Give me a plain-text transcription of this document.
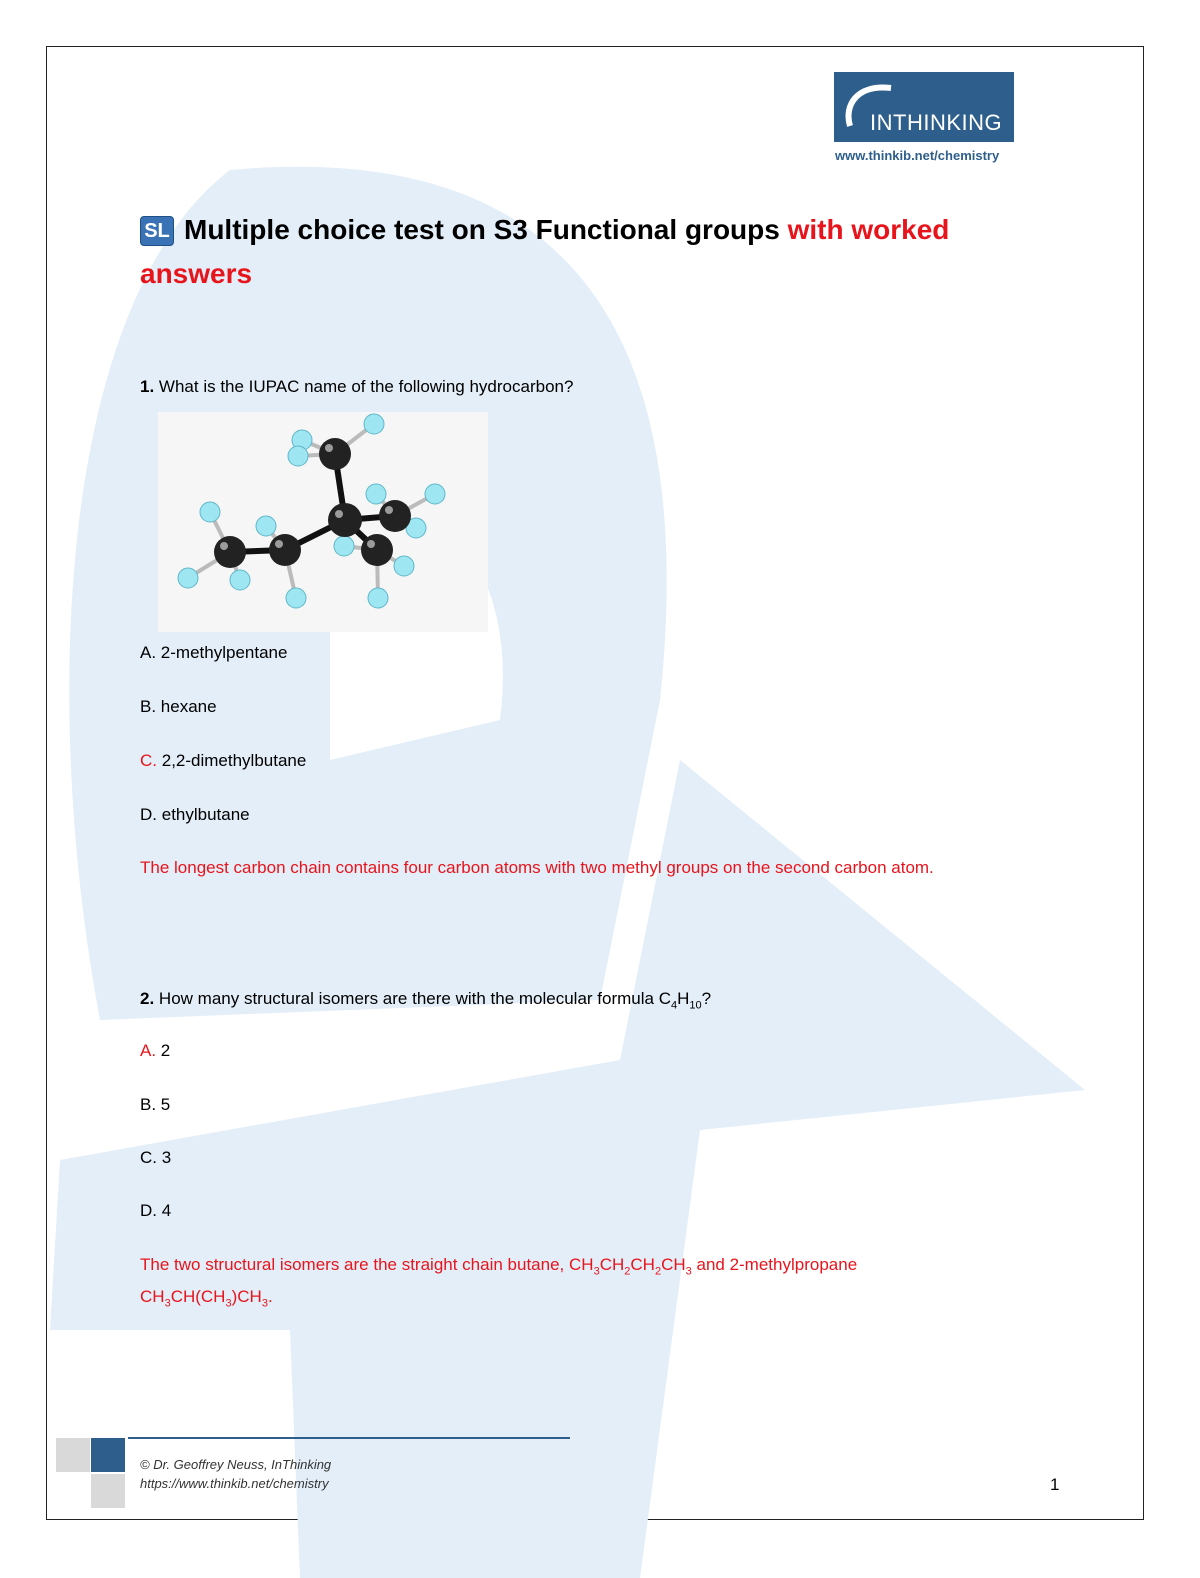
INTHINKING
www.thinkib.net/chemistry
SL Multiple choice test on S3 Functional groups with worked answers
1. What is the IUPAC name of the following hydrocarbon?
A. 2-methylpentane
B. hexane
C. 2,2-dimethylbutane
D. ethylbutane
The longest carbon chain contains four carbon atoms with two methyl groups on the second carbon atom.
2. How many structural isomers are there with the molecular formula $C_4H_{10}$?
A. 2
B. 5
C. 3
D. 4
The two structural isomers are the straight chain butane, $CH_3CH_2CH_2CH_3$ and 2-methylpropane
$CH_3CH(CH_3)CH_3$.
© Dr. Geoffrey Neuss, InThinking
https://www.thinkib.net/chemistry	1
